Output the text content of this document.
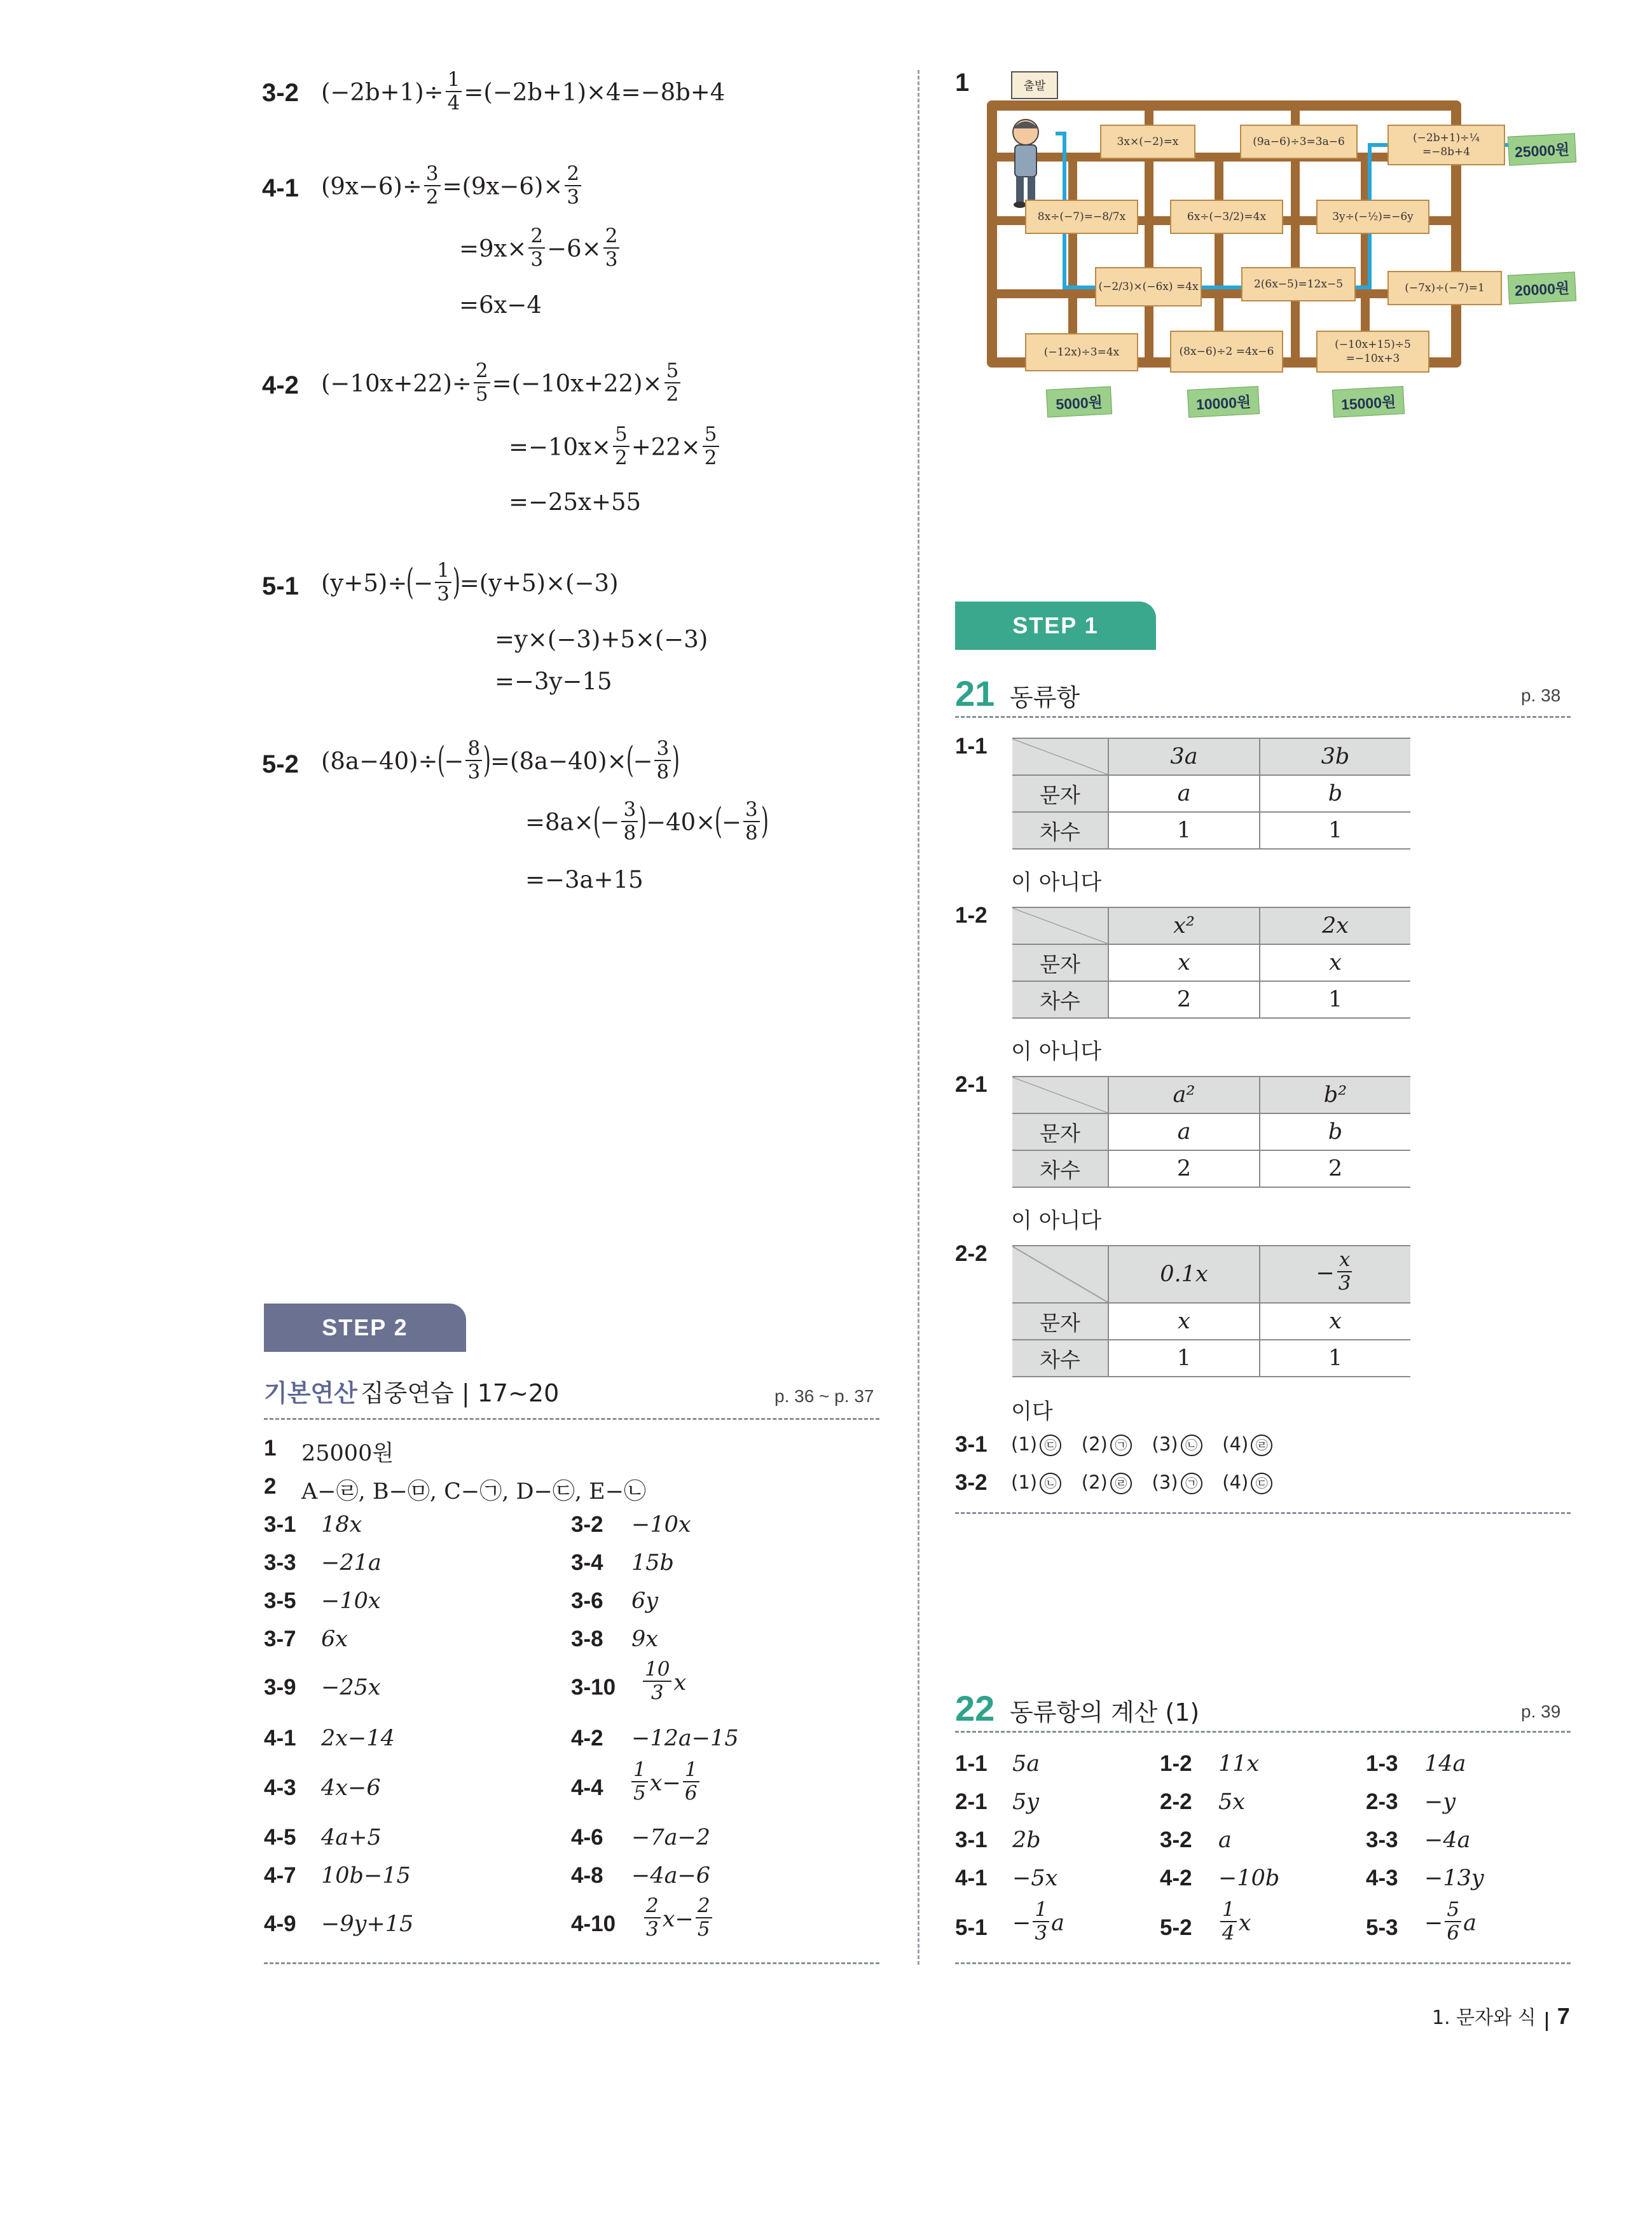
3-2 $(-2b+1)\div \frac{1}{4} =(-2b+1)\times 4=-8b+4$
4-1 $(9x-6)\div \frac{3}{2} =(9x-6)\times \frac{2}{3}$
$=9x\times \frac{2}{3} -6\times \frac{2}{3}$
=6x−4
4-2 $(-10x+22)\div \frac{2}{5} =(-10x+22)\times \frac{5}{2}$
$=-10x\times \frac{5}{2} +22\times \frac{5}{2}$
=−25x+55
5-1 $(y+5)\div(- \frac{1}{3} )=(y+5)\times(-3)$
=y×(−3)+5×(−3)
=−3y−15
5-2 $(8a-40)\div(- \frac{8}{3} )=(8a-40)\times(- \frac{3}{8}$ )
$=8a\times(- \frac{3}{8} )-40\times(- \frac{3}{8}$ )
=−3a+15
STEP 2
기본연산 집중연습 | 17~20	p. 36 ~ p. 37
1 25000원
2 A−㉣, B−㉤, C−㉠, D−㉢, E−㉡
3-1 18x	3-2 −10x
3-3 −21a	3-4 15b
3-5 −10x	3-6 6y
3-7 6x	3-8 9x
3-9 −25x	$3-10 \frac{10}{3}$ x
4-1 2x−14	4-2 −12a−15
4-3 4x−6	$4-4 \frac{1}{5} x- \frac{1}{6}$
4-5 4a+5	4-6 −7a−2
4-7 10b−15	4-8 −4a−6
4-9 −9y+15	$4-10 \frac{2}{3} x- \frac{2}{5}$
1	출발
3x×(−2)=x	(9a−6)÷3=3a−6	(−2b+1)÷¼ =−8b+4
8x÷(−7)=−8/7x	6x÷(−3/2)=4x	3y÷(−½)=−6y
(−2/3)×(−6x) =4x	2(6x−5)=12x−5	(−7x)÷(−7)=1
(−12x)÷3=4x	(8x−6)÷2 =4x−6
(−10x+15)÷5 =−10x+3
25000원
20000원
5000원	10000원	15000원
STEP 1
21 동류항	p. 38
1-1
		3a	3b
문자	a	b
차수	1	1
이 아니다
1-2
		x²	2x
문자	x	x
차수	2	1
이 아니다
2-1
		a²	b²
문자	a	b
차수	2	2
이 아니다
2-2
	0.1x	− $\frac{x}{3}$

문자	x	x
차수	1	1
이다
3-1 (1) ㉢ (2) ㉠ (3) ㉡ (4) ㉣
3-2 (1) ㉡ (2) ㉣ (3) ㉠ (4) ㉢
22 동류항의 계산 (1)	p. 39
1-1 5a	1-2 11x	1-3 14a
2-1 5y	2-2 5x	2-3 −y
3-1 2b	3-2 a	3-3 −4a
4-1 −5x	4-2 −10b	4-3 −13y
$5-1 - \frac{1}{3}$ a	$5-2 \frac{1}{4}$ x	$5-3 - \frac{5}{6}$ a
1. 문자와 식 7
